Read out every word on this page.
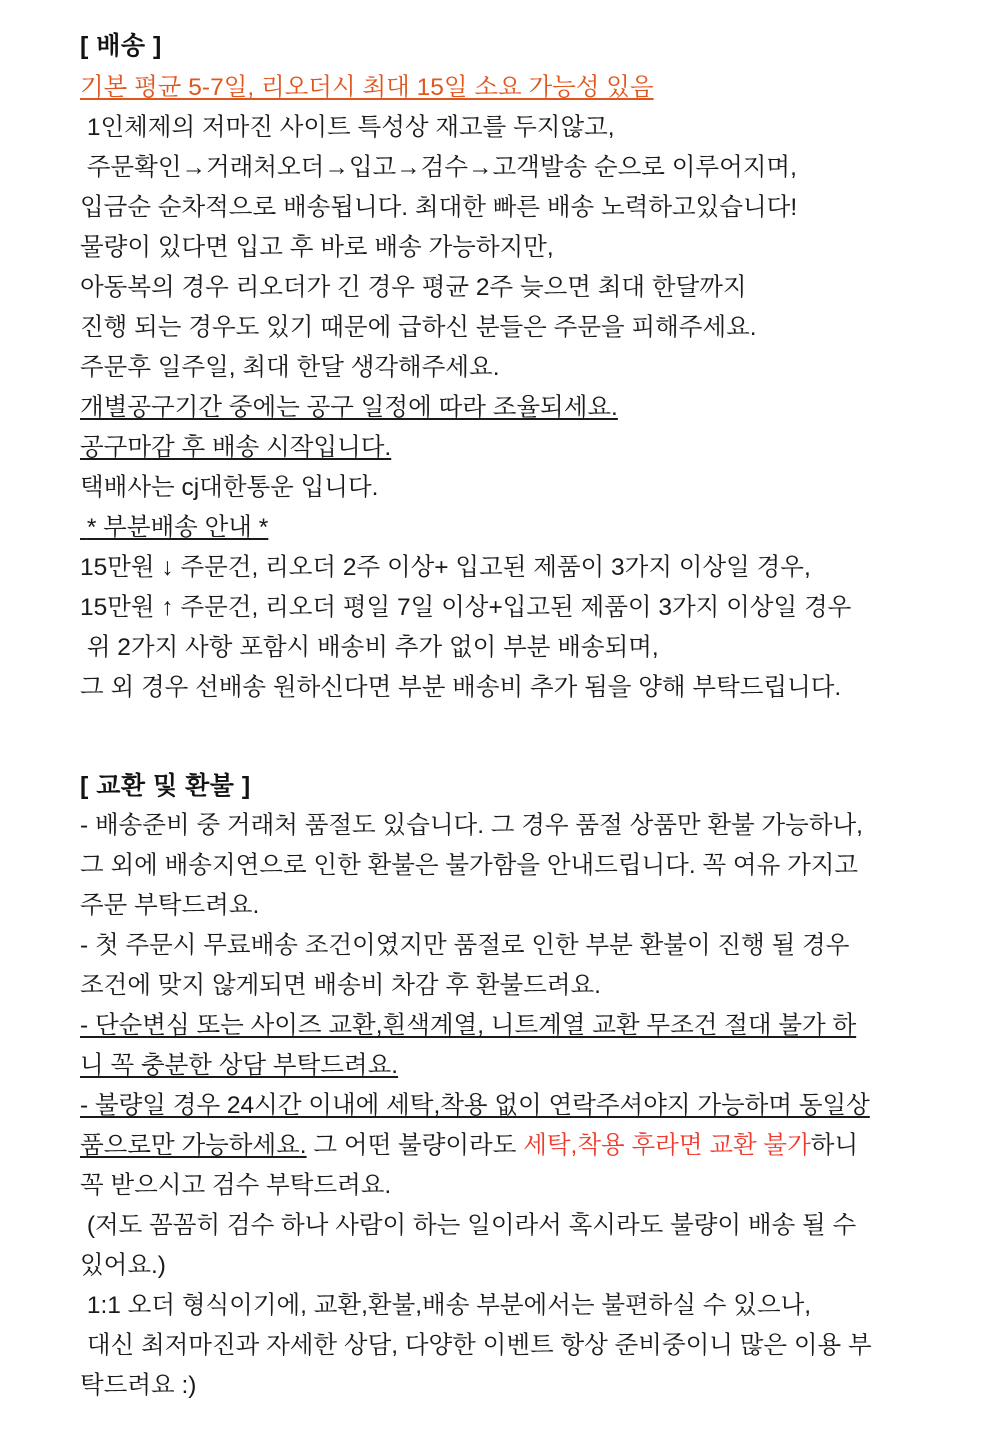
[ 배송 ]
기본 평균 5-7일, 리오더시 최대 15일 소요 가능성 있음
1인체제의 저마진 사이트 특성상 재고를 두지않고,
주문확인→거래처오더→입고→검수→고객발송 순으로 이루어지며,
입금순 순차적으로 배송됩니다. 최대한 빠른 배송 노력하고있습니다!
물량이 있다면 입고 후 바로 배송 가능하지만,
아동복의 경우 리오더가 긴 경우 평균 2주 늦으면 최대 한달까지
진행 되는 경우도 있기 때문에 급하신 분들은 주문을 피해주세요.
주문후 일주일, 최대 한달 생각해주세요.
개별공구기간 중에는 공구 일정에 따라 조율되세요.
공구마감 후 배송 시작입니다.
택배사는 cj대한통운 입니다.
* 부분배송 안내 *
15만원 ↓ 주문건, 리오더 2주 이상+ 입고된 제품이 3가지 이상일 경우,
15만원 ↑ 주문건, 리오더 평일 7일 이상+입고된 제품이 3가지 이상일 경우
위 2가지 사항 포함시 배송비 추가 없이 부분 배송되며,
그 외 경우 선배송 원하신다면 부분 배송비 추가 됨을 양해 부탁드립니다.
[ 교환 및 환불 ]
- 배송준비 중 거래처 품절도 있습니다. 그 경우 품절 상품만 환불 가능하나,
그 외에 배송지연으로 인한 환불은 불가함을 안내드립니다. 꼭 여유 가지고
주문 부탁드려요.
- 첫 주문시 무료배송 조건이였지만 품절로 인한 부분 환불이 진행 될 경우
조건에 맞지 않게되면 배송비 차감 후 환불드려요.
- 단순변심 또는 사이즈 교환,흰색계열, 니트계열 교환 무조건 절대 불가 하
니 꼭 충분한 상담 부탁드려요.
- 불량일 경우 24시간 이내에 세탁,착용 없이 연락주셔야지 가능하며 동일상
품으로만 가능하세요. 그 어떤 불량이라도 세탁,착용 후라면 교환 불가하니
꼭 받으시고 검수 부탁드려요.
(저도 꼼꼼히 검수 하나 사람이 하는 일이라서 혹시라도 불량이 배송 될 수
있어요.)
1:1 오더 형식이기에, 교환,환불,배송 부분에서는 불편하실 수 있으나,
대신 최저마진과 자세한 상담, 다양한 이벤트 항상 준비중이니 많은 이용 부
탁드려요 :)
